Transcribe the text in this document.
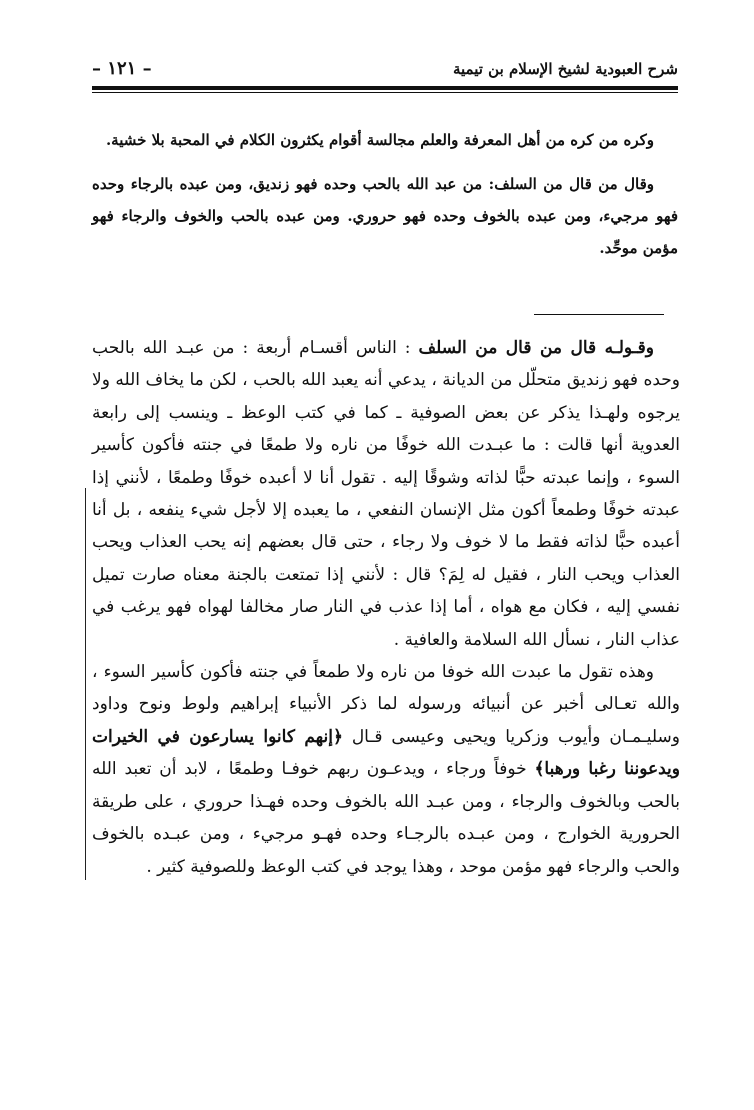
شرح العبودية لشيخ الإسلام بن تيمية
– ١٢١ –

وكره من كره من أهل المعرفة والعلم مجالسة أقوام يكثرون الكلام في المحبة بلا خشية.

وقال من قال من السلف: من عبد الله بالحب وحده فهو زنديق، ومن عبده بالرجاء وحده فهو مرجيء، ومن عبده بالخوف وحده فهو حروري. ومن عبده بالحب والخوف والرجاء فهو مؤمن موحِّد.

وقـولـه قال من قال من السلف : الناس أقسـام أربعة : من عبـد الله بالحب وحده فهو زنديق متحلّل من الديانة ، يدعي أنه يعبد الله بالحب ، لكن ما يخاف الله ولا يرجوه ولهـذا يذكر عن بعض الصوفية ـ كما في كتب الوعظ ـ وينسب إلى رابعة العدوية أنها قالت : ما عبـدت الله خوفًا من ناره ولا طمعًا في جنته فأكون كأسير السوء ، وإنما عبدته حبًّا لذاته وشوقًا إليه . تقول أنا لا أعبده خوفًا وطمعًا ، لأنني إذا عبدته خوفًا وطمعاً أكون مثل الإنسان النفعي ، ما يعبده إلا لأجل شيء ينفعه ، بل أنا أعبده حبًّا لذاته فقط ما لا خوف ولا رجاء ، حتى قال بعضهم إنه يحب العذاب ويحب العذاب ويحب النار ، فقيل له لِمَ؟ قال : لأنني إذا تمتعت بالجنة معناه صارت تميل نفسي إليه ، فكان مع هواه ، أما إذا عذب في النار صار مخالفا لهواه فهو يرغب في عذاب النار ، نسأل الله السلامة والعافية .

وهذه تقول ما عبدت الله خوفا من ناره ولا طمعاً في جنته فأكون كأسير السوء ، والله تعـالى أخبر عن أنبيائه ورسوله لما ذكر الأنبياء إبراهيم ولوط ونوح وداود وسليـمـان وأيوب وزكريا ويحيى وعيسى قـال ﴿إنهم كانوا يسارعون في الخيرات ويدعوننا رغبا ورهبا﴾ خوفاً ورجاء ، ويدعـون ربهم خوفـا وطمعًا ، لابد أن تعبد الله بالحب وبالخوف والرجاء ، ومن عبـد الله بالخوف وحده فهـذا حروري ، على طريقة الحرورية الخوارج ، ومن عبـده بالرجـاء وحده فهـو مرجيء ، ومن عبـده بالخوف والحب والرجاء فهو مؤمن موحد ، وهذا يوجد في كتب الوعظ وللصوفية كثير .
